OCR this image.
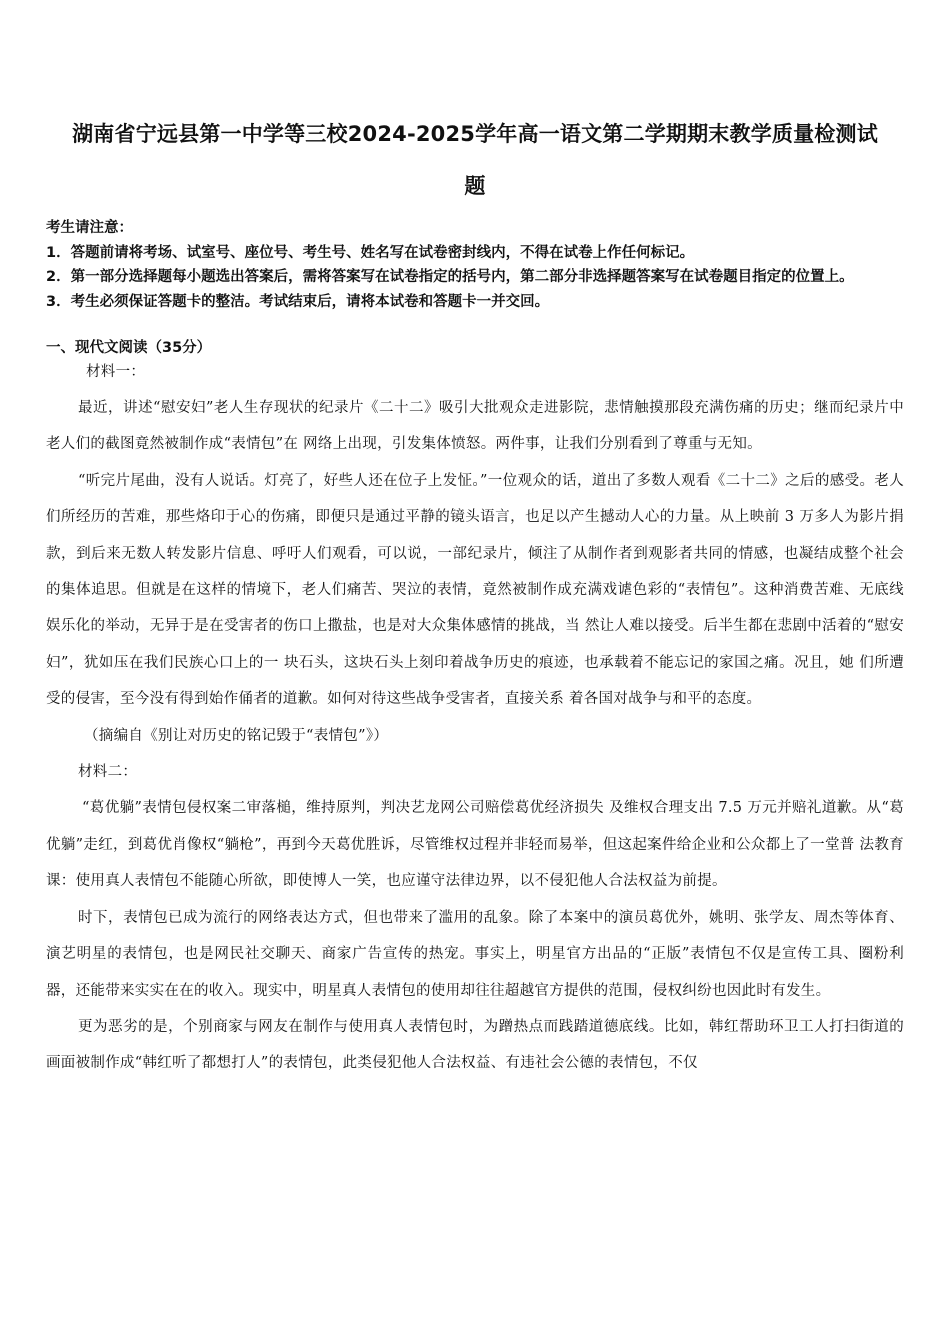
湖南省宁远县第一中学等三校2024-2025学年高一语文第二学期期末教学质量检测试
题

考生请注意：

1．答题前请将考场、试室号、座位号、考生号、姓名写在试卷密封线内，不得在试卷上作任何标记。

2．第一部分选择题每小题选出答案后，需将答案写在试卷指定的括号内，第二部分非选择题答案写在试卷题目指定的位置上。

3．考生必须保证答题卡的整洁。考试结束后，请将本试卷和答题卡一并交回。

一、现代文阅读（35分）

材料一：

最近，讲述“慰安妇”老人生存现状的纪录片《二十二》吸引大批观众走进影院，悲情触摸那段充满伤痛的历史；继而纪录片中老人们的截图竟然被制作成“表情包”在 网络上出现，引发集体愤怒。两件事，让我们分别看到了尊重与无知。

“听完片尾曲，没有人说话。灯亮了，好些人还在位子上发怔。”一位观众的话，道出了多数人观看《二十二》之后的感受。老人们所经历的苦难，那些烙印于心的伤痛，即便只是通过平静的镜头语言，也足以产生撼动人心的力量。从上映前 3 万多人为影片捐款，到后来无数人转发影片信息、呼吁人们观看，可以说，一部纪录片，倾注了从制作者到观影者共同的情感，也凝结成整个社会的集体追思。但就是在这样的情境下，老人们痛苦、哭泣的表情，竟然被制作成充满戏谑色彩的“表情包”。这种消费苦难、无底线娱乐化的举动，无异于是在受害者的伤口上撒盐，也是对大众集体感情的挑战，当 然让人难以接受。后半生都在悲剧中活着的“慰安妇”，犹如压在我们民族心口上的一 块石头，这块石头上刻印着战争历史的痕迹，也承载着不能忘记的家国之痛。况且，她 们所遭受的侵害，至今没有得到始作俑者的道歉。如何对待这些战争受害者，直接关系 着各国对战争与和平的态度。

（摘编自《别让对历史的铭记毁于“表情包”》）

材料二：

“葛优躺”表情包侵权案二审落槌，维持原判，判决艺龙网公司赔偿葛优经济损失 及维权合理支出 7.5 万元并赔礼道歉。从“葛优躺”走红，到葛优肖像权“躺枪”，再到今天葛优胜诉，尽管维权过程并非轻而易举，但这起案件给企业和公众都上了一堂普 法教育课：使用真人表情包不能随心所欲，即使博人一笑，也应谨守法律边界，以不侵犯他人合法权益为前提。

时下，表情包已成为流行的网络表达方式，但也带来了滥用的乱象。除了本案中的演员葛优外，姚明、张学友、周杰等体育、演艺明星的表情包，也是网民社交聊天、商家广告宣传的热宠。事实上，明星官方出品的“正版”表情包不仅是宣传工具、圈粉利器，还能带来实实在在的收入。现实中，明星真人表情包的使用却往往超越官方提供的范围，侵权纠纷也因此时有发生。

更为恶劣的是，个别商家与网友在制作与使用真人表情包时，为蹭热点而践踏道德底线。比如，韩红帮助环卫工人打扫街道的画面被制作成“韩红听了都想打人”的表情包，此类侵犯他人合法权益、有违社会公德的表情包，不仅
